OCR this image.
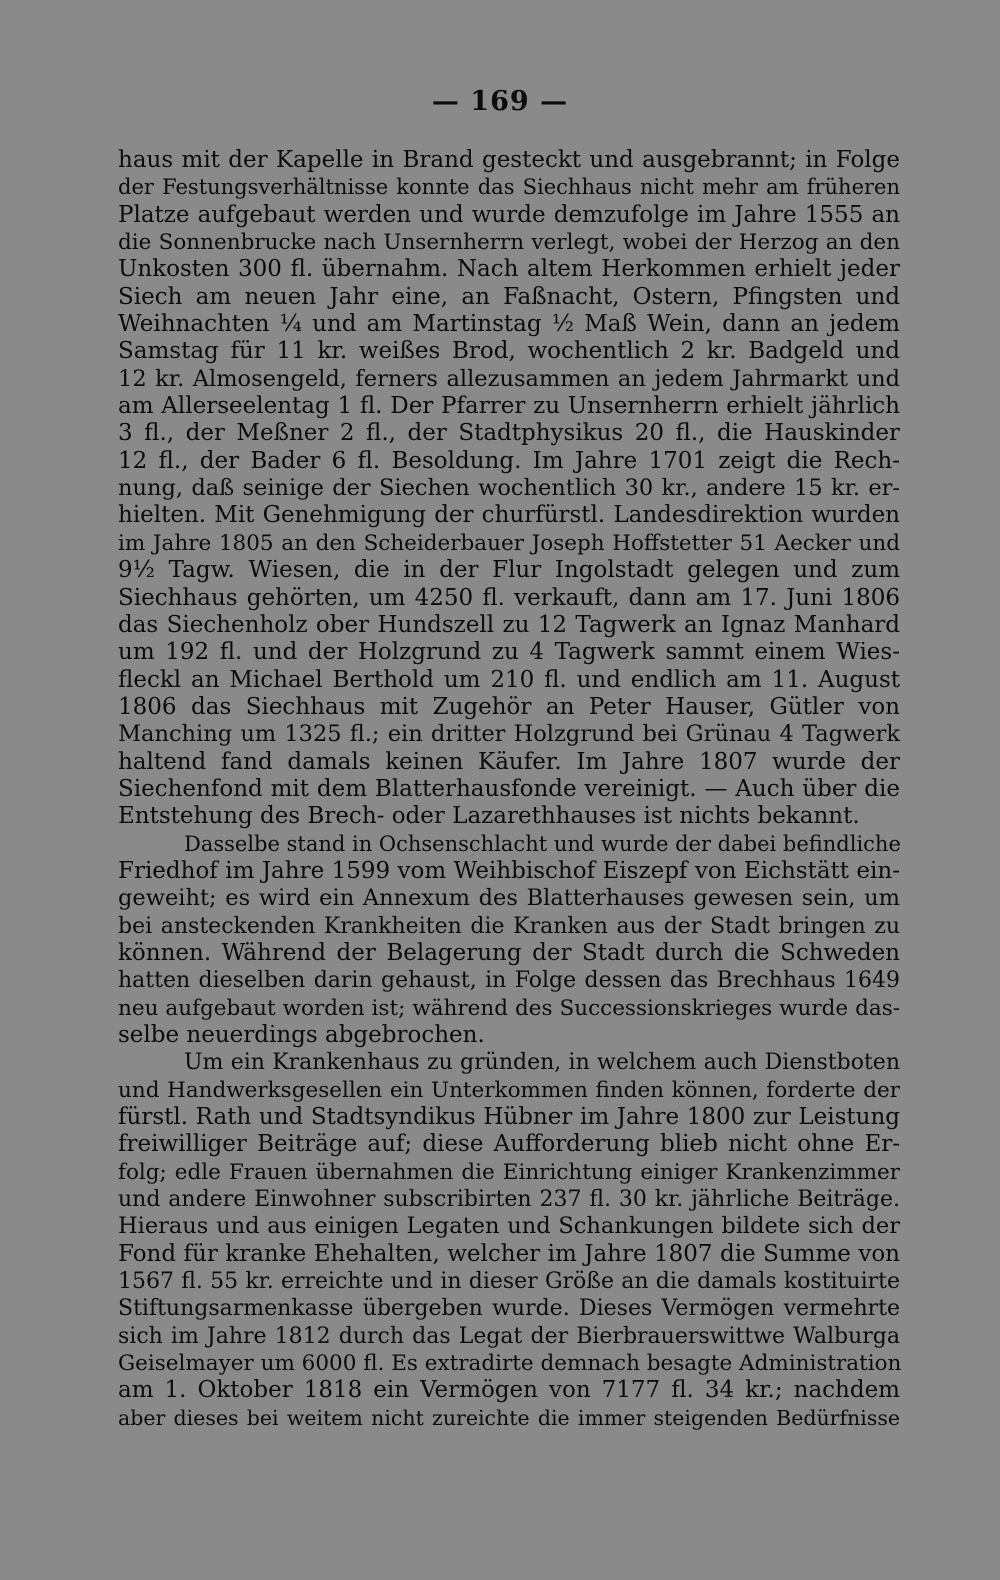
— 169 —
haus mit der Kapelle in Brand gesteckt und ausgebrannt; in Folge
der Festungsverhältnisse konnte das Siechhaus nicht mehr am früheren
Platze aufgebaut werden und wurde demzufolge im Jahre 1555 an
die Sonnenbrucke nach Unsernherrn verlegt, wobei der Herzog an den
Unkosten 300 fl. übernahm. Nach altem Herkommen erhielt jeder
Siech am neuen Jahr eine, an Faßnacht, Ostern, Pfingsten und
Weihnachten ¼ und am Martinstag ½ Maß Wein, dann an jedem
Samstag für 11 kr. weißes Brod, wochentlich 2 kr. Badgeld und
12 kr. Almosengeld, ferners allezusammen an jedem Jahrmarkt und
am Allerseelentag 1 fl. Der Pfarrer zu Unsernherrn erhielt jährlich
3 fl., der Meßner 2 fl., der Stadtphysikus 20 fl., die Hauskinder
12 fl., der Bader 6 fl. Besoldung. Im Jahre 1701 zeigt die Rech-
nung, daß seinige der Siechen wochentlich 30 kr., andere 15 kr. er-
hielten. Mit Genehmigung der churfürstl. Landesdirektion wurden
im Jahre 1805 an den Scheiderbauer Joseph Hoffstetter 51 Aecker und
9½ Tagw. Wiesen, die in der Flur Ingolstadt gelegen und zum
Siechhaus gehörten, um 4250 fl. verkauft, dann am 17. Juni 1806
das Siechenholz ober Hundszell zu 12 Tagwerk an Ignaz Manhard
um 192 fl. und der Holzgrund zu 4 Tagwerk sammt einem Wies-
fleckl an Michael Berthold um 210 fl. und endlich am 11. August
1806 das Siechhaus mit Zugehör an Peter Hauser, Gütler von
Manching um 1325 fl.; ein dritter Holzgrund bei Grünau 4 Tagwerk
haltend fand damals keinen Käufer. Im Jahre 1807 wurde der
Siechenfond mit dem Blatterhausfonde vereinigt. — Auch über die
Entstehung des Brech- oder Lazarethhauses ist nichts bekannt.
Dasselbe stand in Ochsenschlacht und wurde der dabei befindliche
Friedhof im Jahre 1599 vom Weihbischof Eiszepf von Eichstätt ein-
geweiht; es wird ein Annexum des Blatterhauses gewesen sein, um
bei ansteckenden Krankheiten die Kranken aus der Stadt bringen zu
können. Während der Belagerung der Stadt durch die Schweden
hatten dieselben darin gehaust, in Folge dessen das Brechhaus 1649
neu aufgebaut worden ist; während des Successionskrieges wurde das-
selbe neuerdings abgebrochen.
Um ein Krankenhaus zu gründen, in welchem auch Dienstboten
und Handwerksgesellen ein Unterkommen finden können, forderte der
fürstl. Rath und Stadtsyndikus Hübner im Jahre 1800 zur Leistung
freiwilliger Beiträge auf; diese Aufforderung blieb nicht ohne Er-
folg; edle Frauen übernahmen die Einrichtung einiger Krankenzimmer
und andere Einwohner subscribirten 237 fl. 30 kr. jährliche Beiträge.
Hieraus und aus einigen Legaten und Schankungen bildete sich der
Fond für kranke Ehehalten, welcher im Jahre 1807 die Summe von
1567 fl. 55 kr. erreichte und in dieser Größe an die damals kostituirte
Stiftungsarmenkasse übergeben wurde. Dieses Vermögen vermehrte
sich im Jahre 1812 durch das Legat der Bierbrauerswittwe Walburga
Geiselmayer um 6000 fl. Es extradirte demnach besagte Administration
am 1. Oktober 1818 ein Vermögen von 7177 fl. 34 kr.; nachdem
aber dieses bei weitem nicht zureichte die immer steigenden Bedürfnisse
